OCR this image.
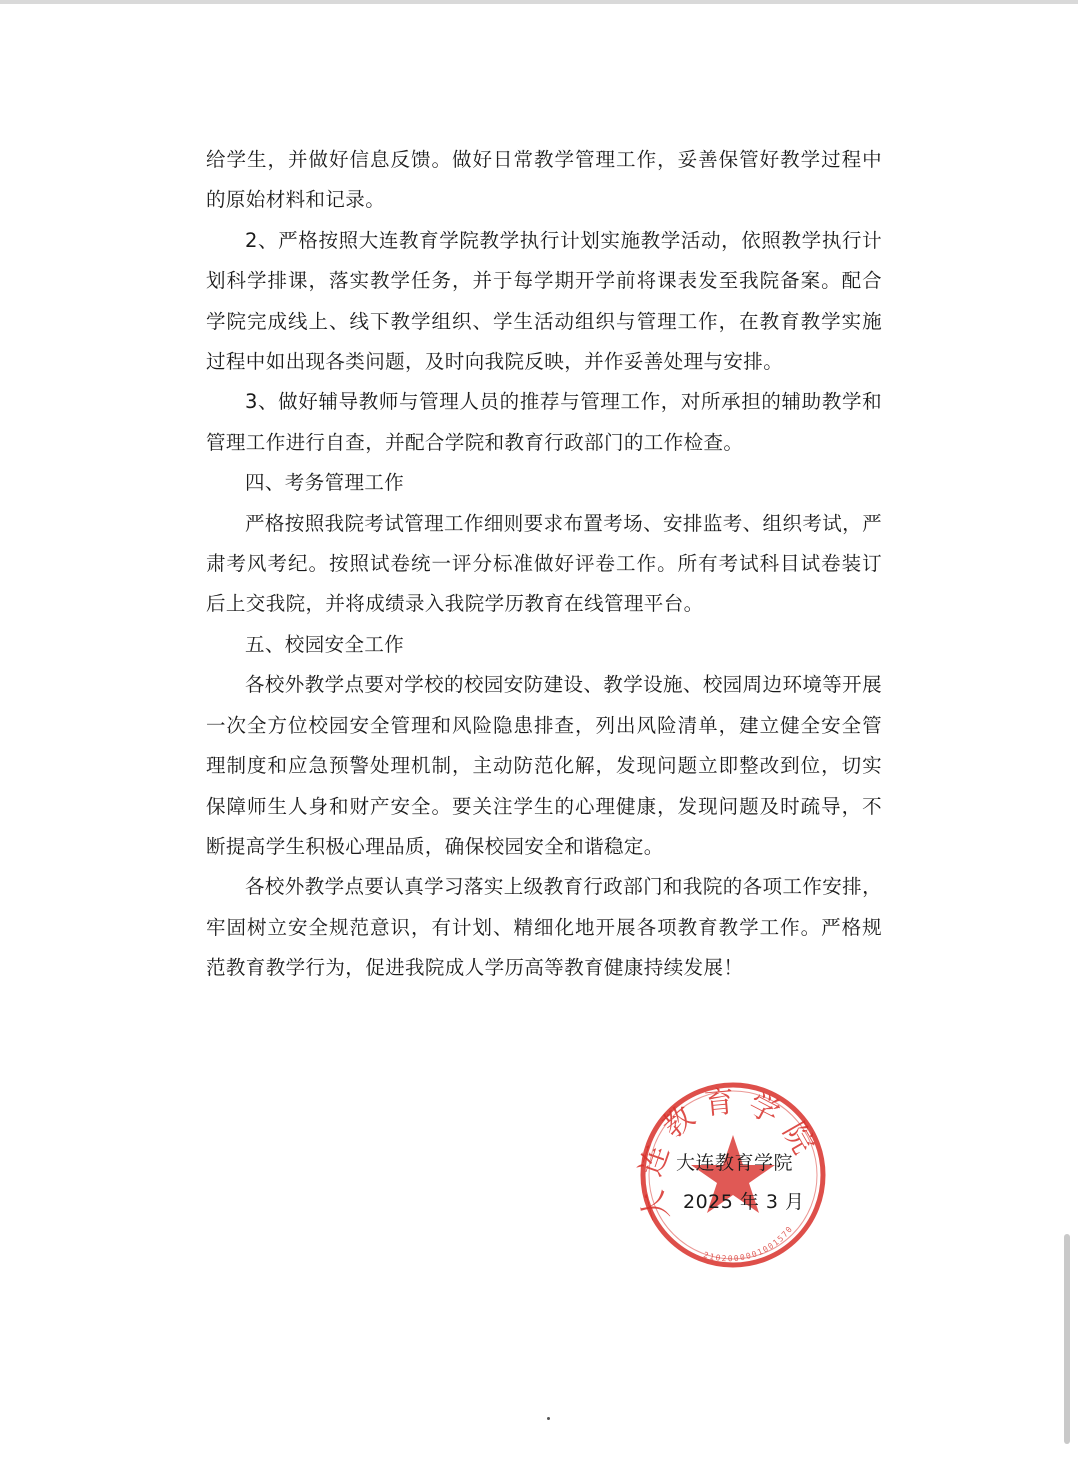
给学生，并做好信息反馈。做好日常教学管理工作，妥善保管好教学过程中的原始材料和记录。

2、严格按照大连教育学院教学执行计划实施教学活动，依照教学执行计划科学排课，落实教学任务，并于每学期开学前将课表发至我院备案。配合学院完成线上、线下教学组织、学生活动组织与管理工作，在教育教学实施过程中如出现各类问题，及时向我院反映，并作妥善处理与安排。

3、做好辅导教师与管理人员的推荐与管理工作，对所承担的辅助教学和管理工作进行自查，并配合学院和教育行政部门的工作检查。

四、考务管理工作

严格按照我院考试管理工作细则要求布置考场、安排监考、组织考试，严肃考风考纪。按照试卷统一评分标准做好评卷工作。所有考试科目试卷装订后上交我院，并将成绩录入我院学历教育在线管理平台。

五、校园安全工作

各校外教学点要对学校的校园安防建设、教学设施、校园周边环境等开展一次全方位校园安全管理和风险隐患排查，列出风险清单，建立健全安全管理制度和应急预警处理机制，主动防范化解，发现问题立即整改到位，切实保障师生人身和财产安全。要关注学生的心理健康，发现问题及时疏导，不断提高学生积极心理品质，确保校园安全和谐稳定。

各校外教学点要认真学习落实上级教育行政部门和我院的各项工作安排，牢固树立安全规范意识，有计划、精细化地开展各项教育教学工作。严格规范教育教学行为，促进我院成人学历高等教育健康持续发展！

大连教育学院
2102000001001570
大连教育学院
2025 年 3 月
